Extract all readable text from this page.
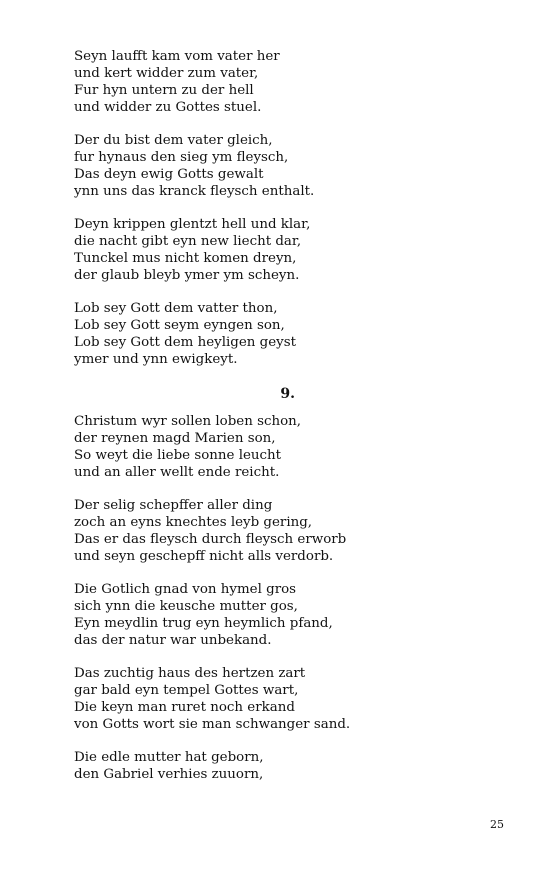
Seyn laufft kam vom vater her
und kert widder zum vater,
Fur hyn untern zu der hell
und widder zu Gottes stuel.
Der du bist dem vater gleich,
fur hynaus den sieg ym fleysch,
Das deyn ewig Gotts gewalt
ynn uns das kranck fleysch enthalt.
Deyn krippen glentzt hell und klar,
die nacht gibt eyn new liecht dar,
Tunckel mus nicht komen dreyn,
der glaub bleyb ymer ym scheyn.
Lob sey Gott dem vatter thon,
Lob sey Gott seym eyngen son,
Lob sey Gott dem heyligen geyst
ymer und ynn ewigkeyt.
9.
Christum wyr sollen loben schon,
der reynen magd Marien son,
So weyt die liebe sonne leucht
und an aller wellt ende reicht.
Der selig schepffer aller ding
zoch an eyns knechtes leyb gering,
Das er das fleysch durch fleysch erworb
und seyn geschepff nicht alls verdorb.
Die Gotlich gnad von hymel gros
sich ynn die keusche mutter gos,
Eyn meydlin trug eyn heymlich pfand,
das der natur war unbekand.
Das zuchtig haus des hertzen zart
gar bald eyn tempel Gottes wart,
Die keyn man ruret noch erkand
von Gotts wort sie man schwanger sand.
Die edle mutter hat geborn,
den Gabriel verhies zuuorn,
25
